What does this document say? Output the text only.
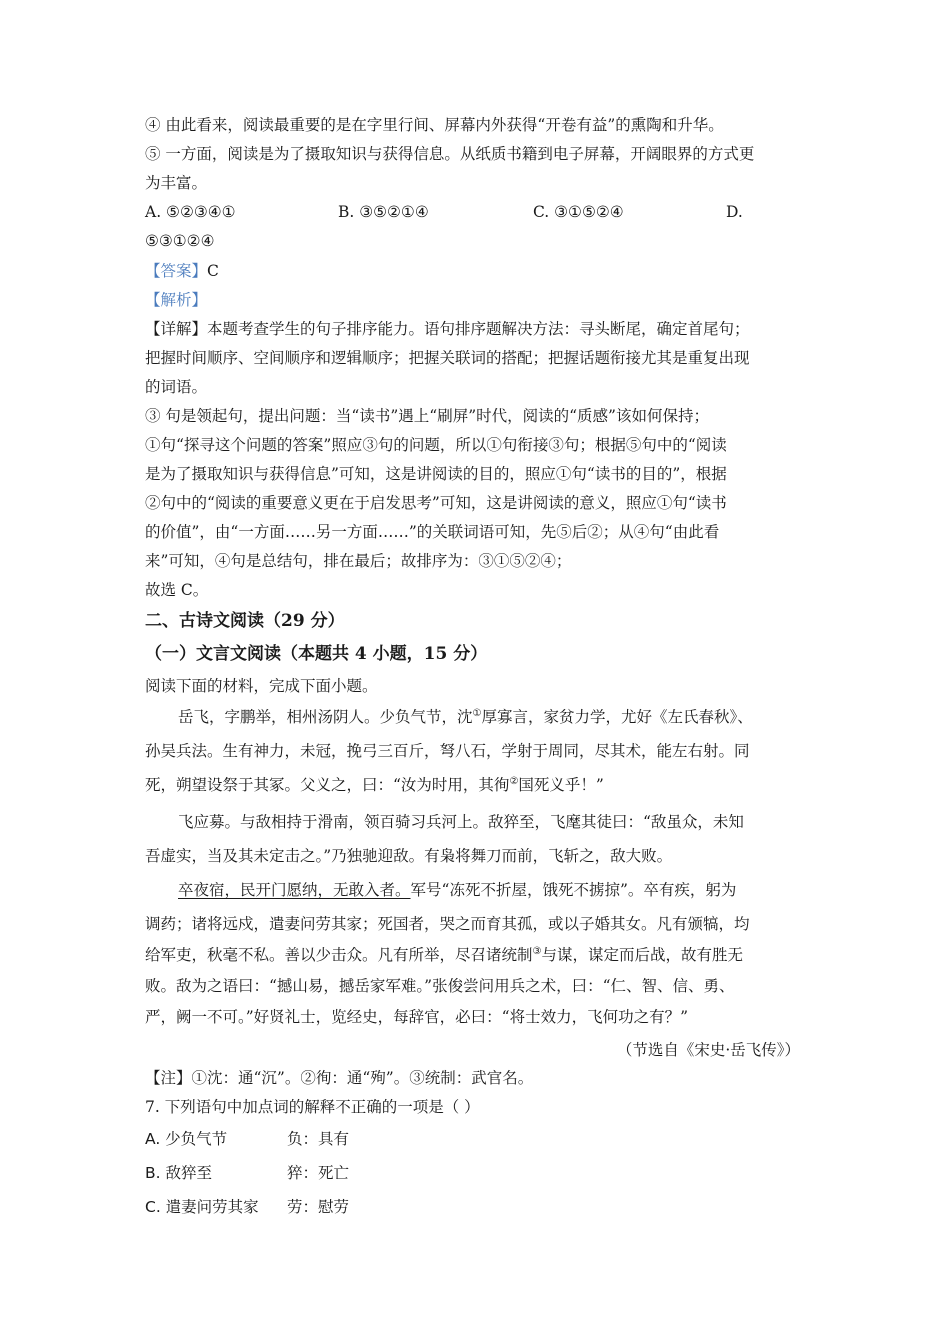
④ 由此看来，阅读最重要的是在字里行间、屏幕内外获得“开卷有益”的熏陶和升华。
⑤ 一方面，阅读是为了摄取知识与获得信息。从纸质书籍到电子屏幕，开阔眼界的方式更
为丰富。
A. ⑤②③④①	B. ③⑤②①④	C. ③①⑤②④	D.
⑤③①②④
【答案】C
【解析】
【详解】本题考查学生的句子排序能力。语句排序题解决方法：寻头断尾，确定首尾句；
把握时间顺序、空间顺序和逻辑顺序；把握关联词的搭配；把握话题衔接尤其是重复出现
的词语。
③ 句是领起句，提出问题：当“读书”遇上“刷屏”时代，阅读的“质感”该如何保持；
①句“探寻这个问题的答案”照应③句的问题，所以①句衔接③句；根据⑤句中的“阅读
是为了摄取知识与获得信息”可知，这是讲阅读的目的，照应①句“读书的目的”，根据
②句中的“阅读的重要意义更在于启发思考”可知，这是讲阅读的意义，照应①句“读书
的价值”，由“一方面……另一方面……”的关联词语可知，先⑤后②；从④句“由此看
来”可知，④句是总结句，排在最后；故排序为：③①⑤②④；
故选 C。
二、古诗文阅读（29 分）
（一）文言文阅读（本题共 4 小题，15 分）
阅读下面的材料，完成下面小题。
岳飞，字鹏举，相州汤阴人。少负气节，沈①厚寡言，家贫力学，尤好《左氏春秋》、
孙吴兵法。生有神力，未冠，挽弓三百斤，弩八石，学射于周同，尽其术，能左右射。同
死，朔望设祭于其冢。父义之，曰：“汝为时用，其徇②国死义乎！”
飞应募。与敌相持于滑南，领百骑习兵河上。敌猝至，飞麾其徒曰：“敌虽众，未知
吾虚实，当及其未定击之。”乃独驰迎敌。有枭将舞刀而前，飞斩之，敌大败。
卒夜宿，民开门愿纳，无敢入者。军号“冻死不折屋，饿死不掳掠”。卒有疾，躬为
调药；诸将远戍，遣妻问劳其家；死国者，哭之而育其孤，或以子婚其女。凡有颁犒，均
给军吏，秋毫不私。善以少击众。凡有所举，尽召诸统制③与谋，谋定而后战，故有胜无
败。敌为之语曰：“撼山易，撼岳家军难。”张俊尝问用兵之术，曰：“仁、智、信、勇、
严，阙一不可。”好贤礼士，览经史，每辞官，必曰：“将士效力，飞何功之有？”
（节选自《宋史·岳飞传》）
【注】①沈：通“沉”。②徇：通“殉”。③统制：武官名。
7. 下列语句中加点词的解释不正确的一项是（ ）
A. 少负气节	负：具有
B. 敌猝至	猝：死亡
C. 遣妻问劳其家 劳：慰劳
